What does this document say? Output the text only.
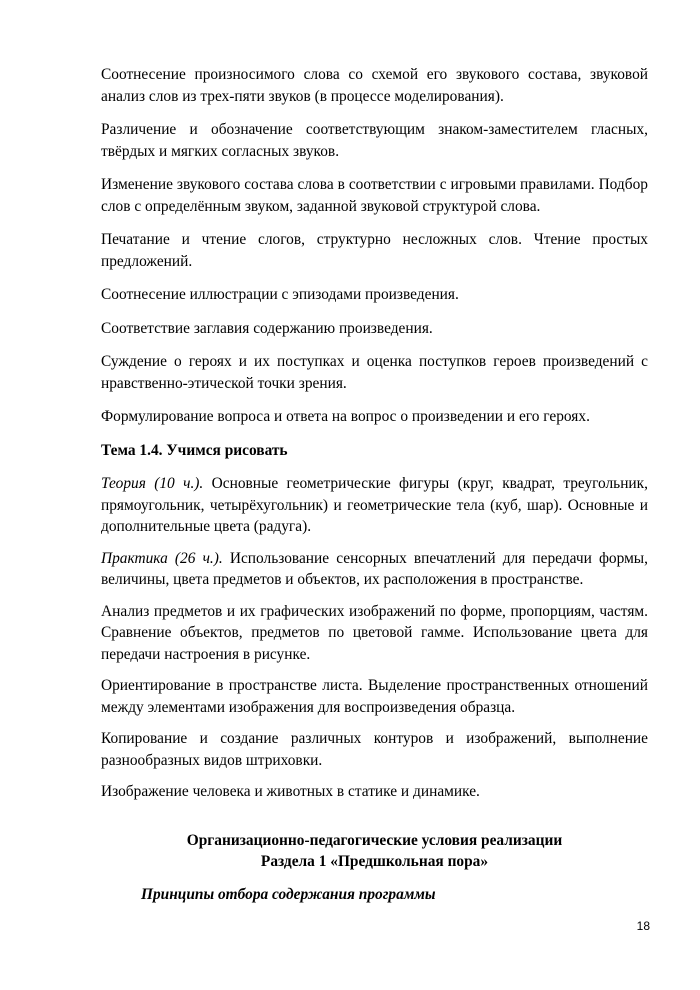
Соотнесение произносимого слова со схемой его звукового состава, звуковой анализ слов из трех-пяти звуков (в процессе моделирования).

Различение и обозначение соответствующим знаком-заместителем гласных, твёрдых и мягких согласных звуков.

Изменение звукового состава слова в соответствии с игровыми правилами. Подбор слов с определённым звуком, заданной звуковой структурой слова.

Печатание и чтение слогов, структурно несложных слов. Чтение простых предложений.

Соотнесение иллюстрации с эпизодами произведения.

Соответствие заглавия содержанию произведения.

Суждение о героях и их поступках и оценка поступков героев произведений с нравственно-этической точки зрения.

Формулирование вопроса и ответа на вопрос о произведении и его героях.

Тема 1.4. Учимся рисовать

Теория (10 ч.). Основные геометрические фигуры (круг, квадрат, треугольник, прямоугольник, четырёхугольник) и геометрические тела (куб, шар). Основные и дополнительные цвета (радуга).

Практика (26 ч.). Использование сенсорных впечатлений для передачи формы, величины, цвета предметов и объектов, их расположения в пространстве.

Анализ предметов и их графических изображений по форме, пропорциям, частям. Сравнение объектов, предметов по цветовой гамме. Использование цвета для передачи настроения в рисунке.

Ориентирование в пространстве листа. Выделение пространственных отношений между элементами изображения для воспроизведения образца.

Копирование и создание различных контуров и изображений, выполнение разнообразных видов штриховки.

Изображение человека и животных в статике и динамике.

Организационно-педагогические условия реализации
Раздела 1 «Предшкольная пора»
Принципы отбора содержания программы
18
